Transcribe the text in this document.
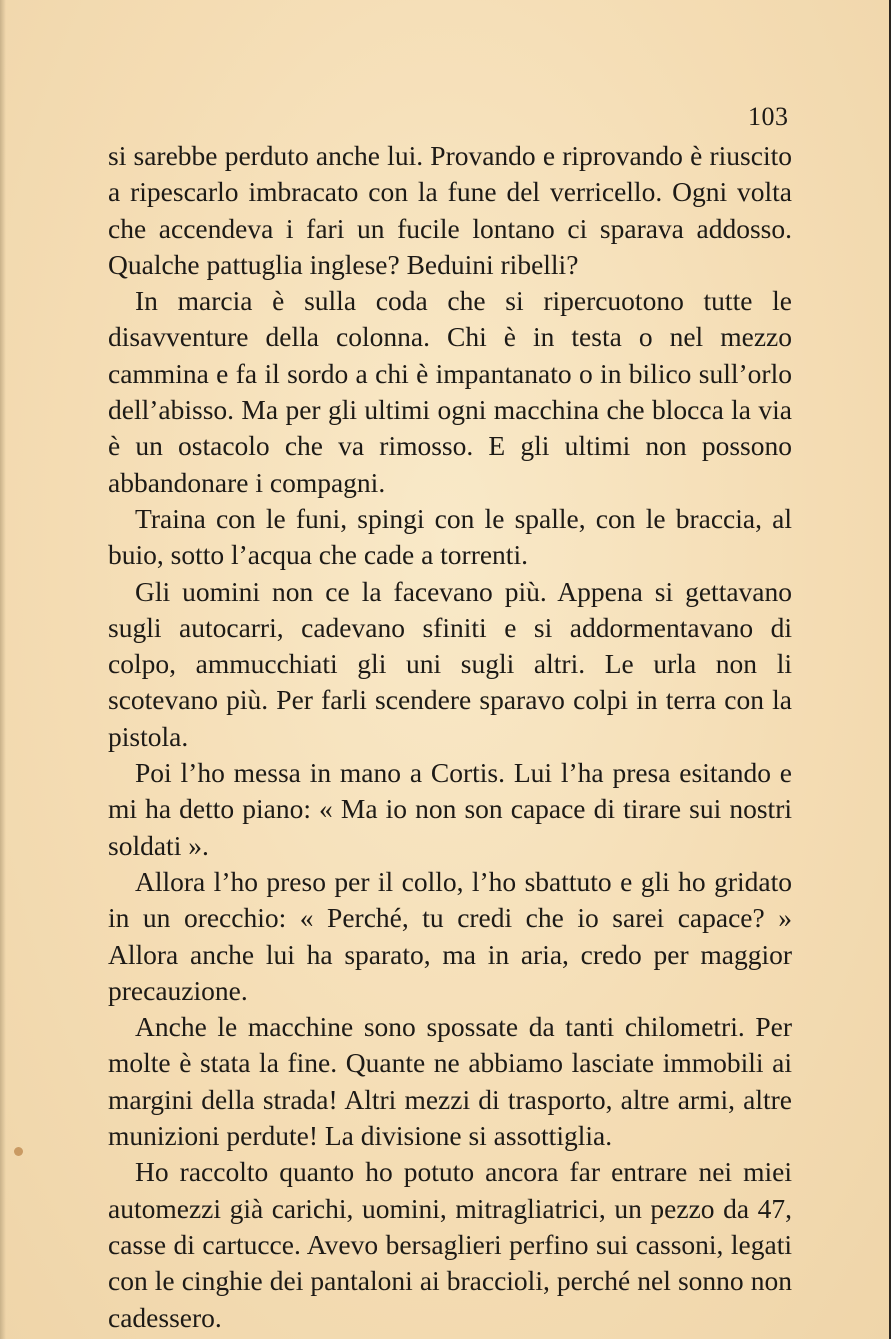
103

si sarebbe perduto anche lui. Provando e riprovando è riuscito a ripescarlo imbracato con la fune del verricello. Ogni volta che accendeva i fari un fucile lontano ci sparava addosso. Qualche pattuglia inglese? Beduini ribelli?

In marcia è sulla coda che si ripercuotono tutte le disavventure della colonna. Chi è in testa o nel mezzo cammina e fa il sordo a chi è impantanato o in bilico sull’orlo dell’abisso. Ma per gli ultimi ogni macchina che blocca la via è un ostacolo che va rimosso. E gli ultimi non possono abbandonare i compagni.

Traina con le funi, spingi con le spalle, con le braccia, al buio, sotto l’acqua che cade a torrenti.

Gli uomini non ce la facevano più. Appena si gettavano sugli autocarri, cadevano sfiniti e si addormentavano di colpo, ammucchiati gli uni sugli altri. Le urla non li scotevano più. Per farli scendere sparavo colpi in terra con la pistola.

Poi l’ho messa in mano a Cortis. Lui l’ha presa esitando e mi ha detto piano: « Ma io non son capace di tirare sui nostri soldati ».

Allora l’ho preso per il collo, l’ho sbattuto e gli ho gridato in un orecchio: « Perché, tu credi che io sarei capace? » Allora anche lui ha sparato, ma in aria, credo per maggior precauzione.

Anche le macchine sono spossate da tanti chilometri. Per molte è stata la fine. Quante ne abbiamo lasciate immobili ai margini della strada! Altri mezzi di trasporto, altre armi, altre munizioni perdute! La divisione si assottiglia.

Ho raccolto quanto ho potuto ancora far entrare nei miei automezzi già carichi, uomini, mitragliatrici, un pezzo da 47, casse di cartucce. Avevo bersaglieri perfino sui cassoni, legati con le cinghie dei pantaloni ai braccioli, perché nel sonno non cadessero.
